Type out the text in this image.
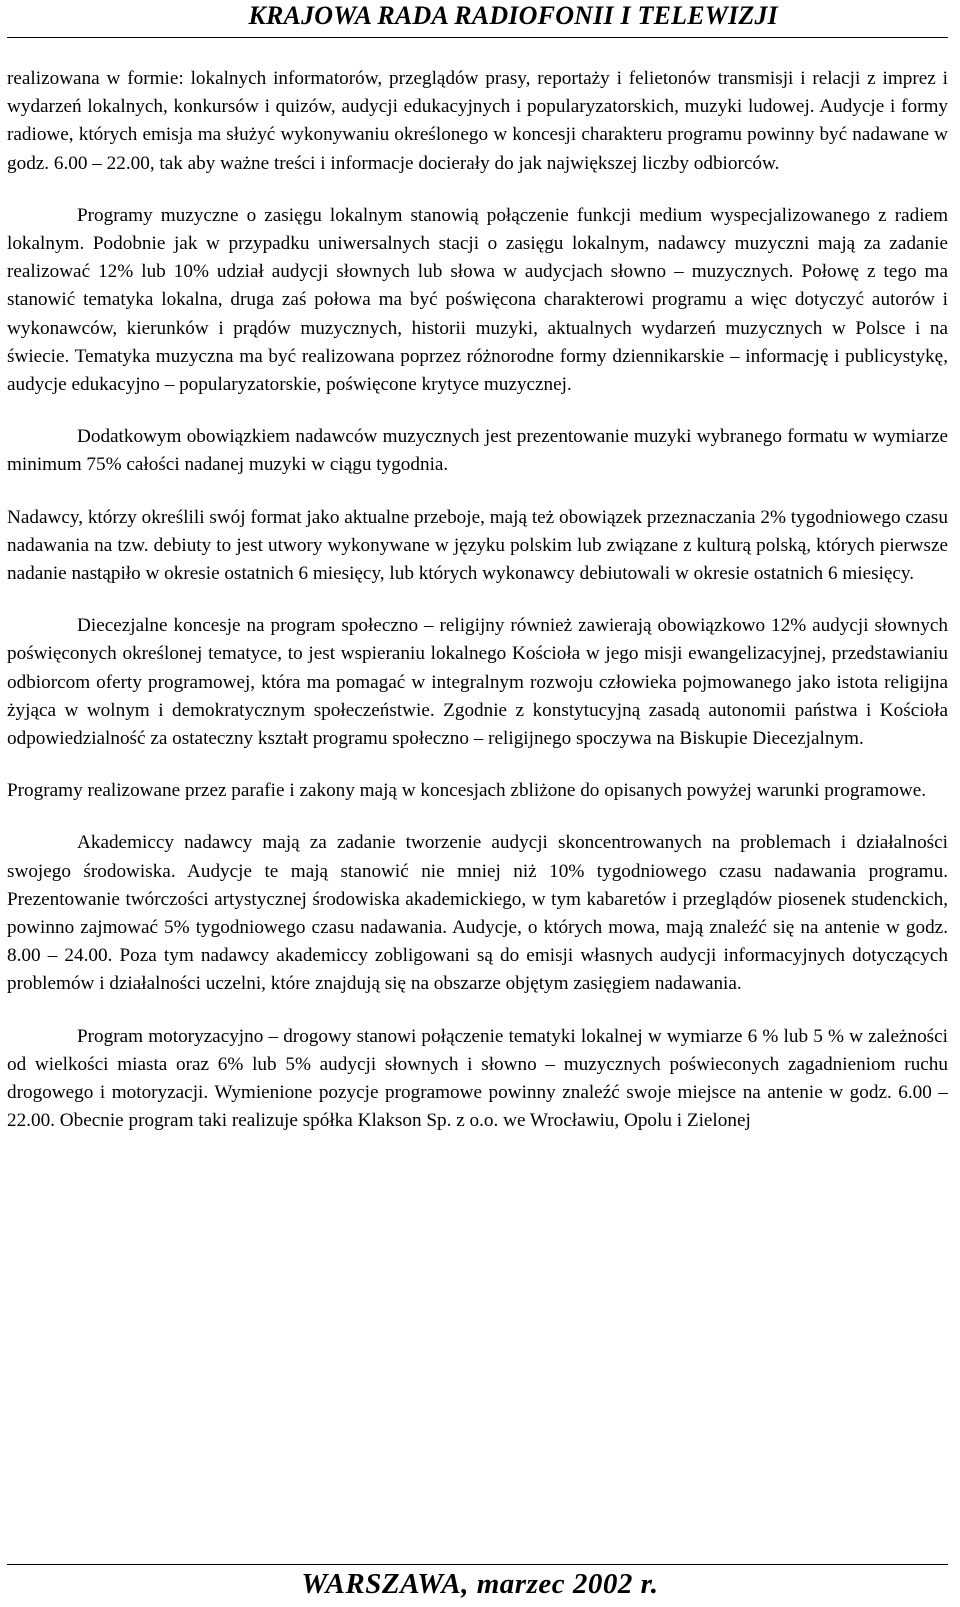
KRAJOWA RADA RADIOFONII I TELEWIZJI

realizowana w formie: lokalnych informatorów, przeglądów prasy, reportaży i felietonów transmisji i relacji z imprez i wydarzeń lokalnych, konkursów i quizów, audycji edukacyjnych i popularyzatorskich, muzyki ludowej. Audycje i formy radiowe, których emisja ma służyć wykonywaniu określonego w koncesji charakteru programu powinny być nadawane w godz. 6.00 – 22.00, tak aby ważne treści i informacje docierały do jak największej liczby odbiorców.

Programy muzyczne o zasięgu lokalnym stanowią połączenie funkcji medium wyspecjalizowanego z radiem lokalnym. Podobnie jak w przypadku uniwersalnych stacji o zasięgu lokalnym, nadawcy muzyczni mają za zadanie realizować 12% lub 10% udział audycji słownych lub słowa w audycjach słowno – muzycznych. Połowę z tego ma stanowić tematyka lokalna, druga zaś połowa ma być poświęcona charakterowi programu a więc dotyczyć autorów i wykonawców, kierunków i prądów muzycznych, historii muzyki, aktualnych wydarzeń muzycznych w Polsce i na świecie. Tematyka muzyczna ma być realizowana poprzez różnorodne formy dziennikarskie – informację i publicystykę, audycje edukacyjno – popularyzatorskie, poświęcone krytyce muzycznej.

Dodatkowym obowiązkiem nadawców muzycznych jest prezentowanie muzyki wybranego formatu w wymiarze minimum 75% całości nadanej muzyki w ciągu tygodnia.

Nadawcy, którzy określili swój format jako aktualne przeboje, mają też obowiązek przeznaczania 2% tygodniowego czasu nadawania na tzw. debiuty to jest utwory wykonywane w języku polskim lub związane z kulturą polską, których pierwsze nadanie nastąpiło w okresie ostatnich 6 miesięcy, lub których wykonawcy debiutowali w okresie ostatnich 6 miesięcy.

Diecezjalne koncesje na program społeczno – religijny również zawierają obowiązkowo 12% audycji słownych poświęconych określonej tematyce, to jest wspieraniu lokalnego Kościoła w jego misji ewangelizacyjnej, przedstawianiu odbiorcom oferty programowej, która ma pomagać w integralnym rozwoju człowieka pojmowanego jako istota religijna żyjąca w wolnym i demokratycznym społeczeństwie. Zgodnie z konstytucyjną zasadą autonomii państwa i Kościoła odpowiedzialność za ostateczny kształt programu społeczno – religijnego spoczywa na Biskupie Diecezjalnym.

Programy realizowane przez parafie i zakony mają w koncesjach zbliżone do opisanych powyżej warunki programowe.

Akademiccy nadawcy mają za zadanie tworzenie audycji skoncentrowanych na problemach i działalności swojego środowiska. Audycje te mają stanowić nie mniej niż 10% tygodniowego czasu nadawania programu. Prezentowanie twórczości artystycznej środowiska akademickiego, w tym kabaretów i przeglądów piosenek studenckich, powinno zajmować 5% tygodniowego czasu nadawania. Audycje, o których mowa, mają znaleźć się na antenie w godz. 8.00 – 24.00. Poza tym nadawcy akademiccy zobligowani są do emisji własnych audycji informacyjnych dotyczących problemów i działalności uczelni, które znajdują się na obszarze objętym zasięgiem nadawania.

Program motoryzacyjno – drogowy stanowi połączenie tematyki lokalnej w wymiarze 6 % lub 5 % w zależności od wielkości miasta oraz 6% lub 5% audycji słownych i słowno – muzycznych poświeconych zagadnieniom ruchu drogowego i motoryzacji. Wymienione pozycje programowe powinny znaleźć swoje miejsce na antenie w godz. 6.00 – 22.00. Obecnie program taki realizuje spółka Klakson Sp. z o.o. we Wrocławiu, Opolu i Zielonej

WARSZAWA, marzec 2002 r.
